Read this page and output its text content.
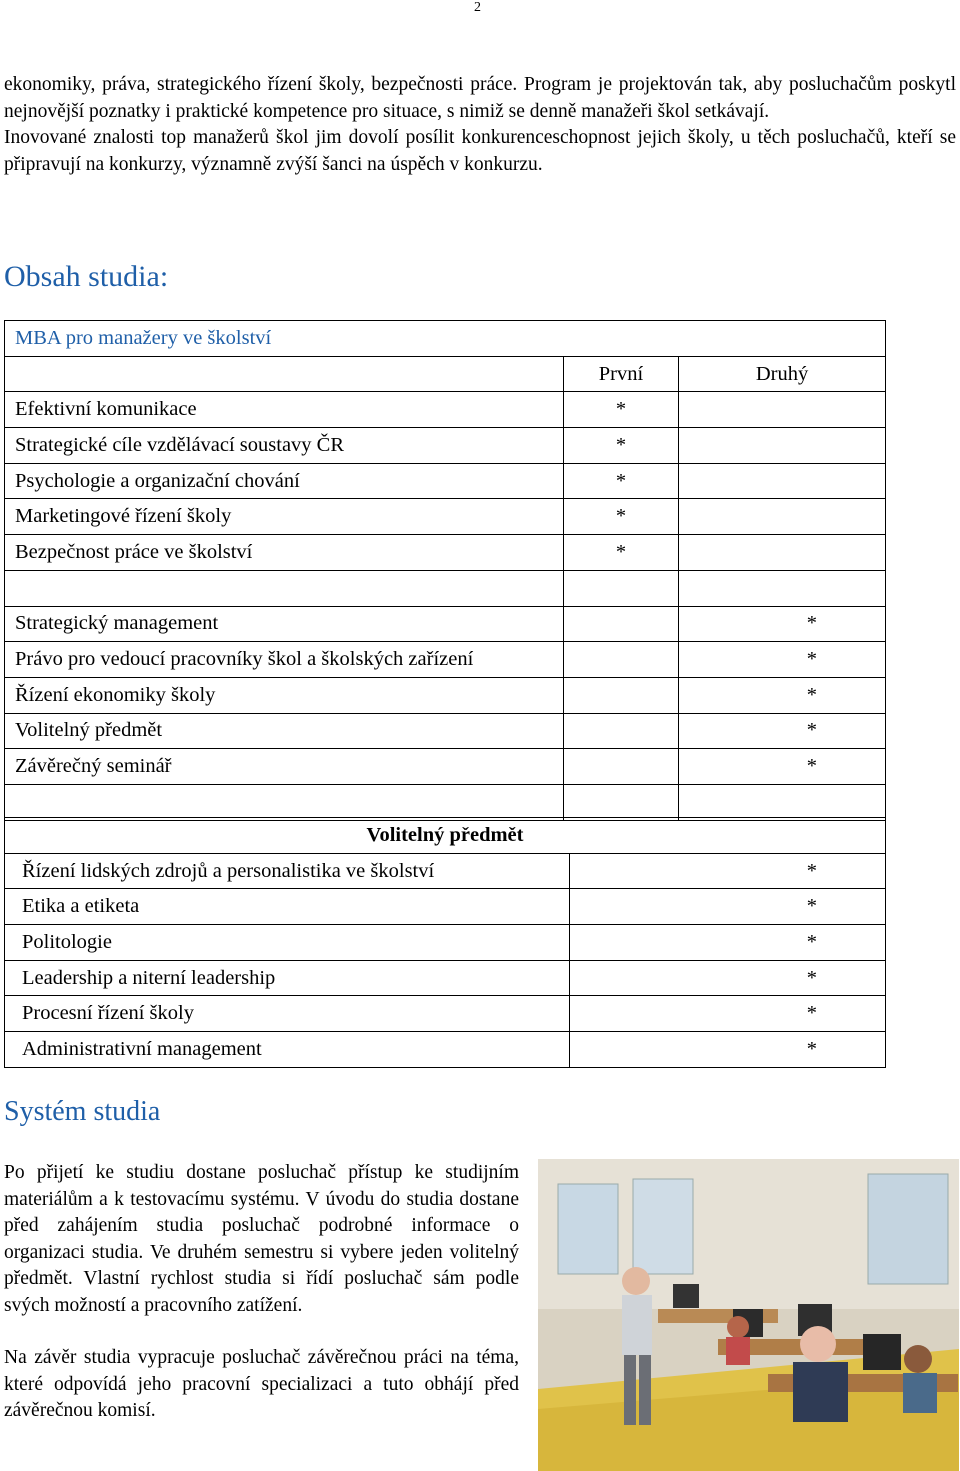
2

ekonomiky, práva, strategického řízení školy, bezpečnosti práce. Program je projektován tak, aby posluchačům poskytl nejnovější poznatky i praktické kompetence pro situace, s nimiž se denně manažeři škol setkávají.

Inovované znalosti top manažerů škol jim dovolí posílit konkurenceschopnost jejich školy, u těch posluchačů, kteří se připravují na konkurzy, významně zvýší šanci na úspěch v konkurzu.

Obsah studia:
MBA pro manažery ve školství		
	První	Druhý
Efektivní komunikace	*	
Strategické cíle vzdělávací soustavy ČR	*	
Psychologie a organizační chování	*	
Marketingové řízení školy	*	
Bezpečnost práce ve školství	*	

Strategický management		*
Právo pro vedoucí pracovníky škol a školských zařízení		*
Řízení ekonomiky školy		*
Volitelný předmět		*
Závěrečný seminář		*

Volitelný předmět	
Řízení lidských zdrojů a personalistika ve školství	*
Etika a etiketa	*
Politologie	*
Leadership a niterní leadership	*
Procesní řízení školy	*
Administrativní management	*
Systém studia

Po přijetí ke studiu dostane posluchač přístup ke studijním materiálům a k testovacímu systému. V úvodu do studia dostane před zahájením studia posluchač podrobné informace o organizaci studia. Ve druhém semestru si vybere jeden volitelný předmět. Vlastní rychlost studia si řídí posluchač sám podle svých možností a pracovního zatížení.

Na závěr studia vypracuje posluchač závěrečnou práci na téma, které odpovídá jeho pracovní specializaci a tuto obhájí před závěrečnou komisí.
